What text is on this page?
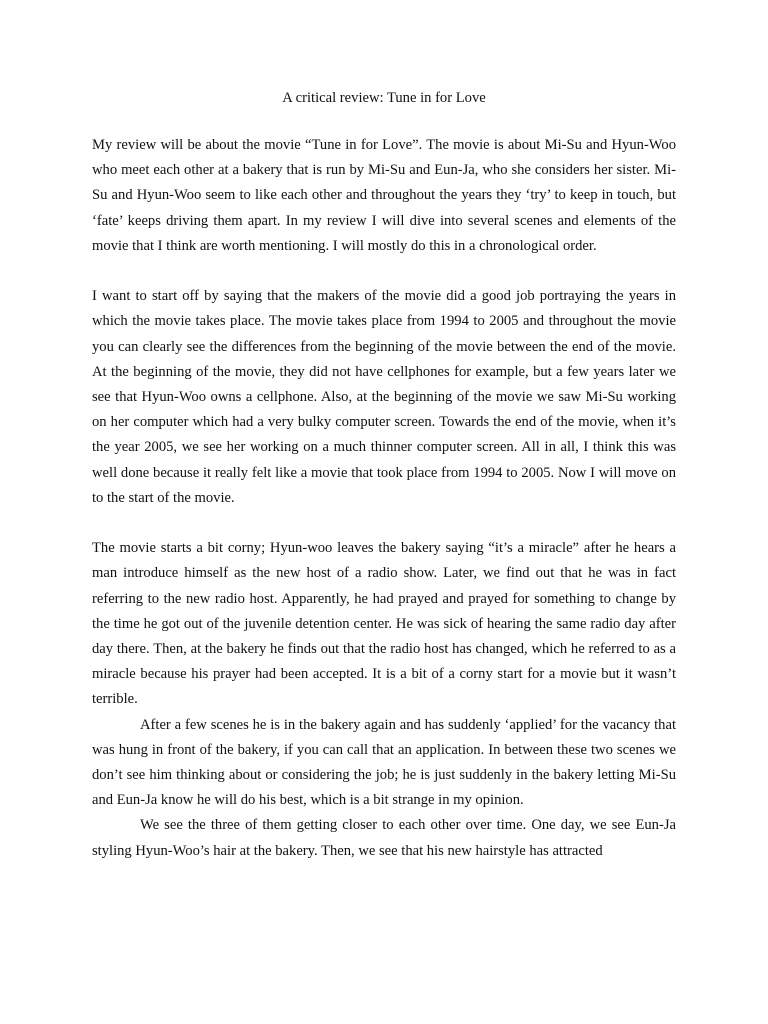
A critical review: Tune in for Love

My review will be about the movie “Tune in for Love”. The movie is about Mi-Su and Hyun-Woo who meet each other at a bakery that is run by Mi-Su and Eun-Ja, who she considers her sister. Mi-Su and Hyun-Woo seem to like each other and throughout the years they ‘try’ to keep in touch, but ‘fate’ keeps driving them apart. In my review I will dive into several scenes and elements of the movie that I think are worth mentioning. I will mostly do this in a chronological order.

I want to start off by saying that the makers of the movie did a good job portraying the years in which the movie takes place. The movie takes place from 1994 to 2005 and throughout the movie you can clearly see the differences from the beginning of the movie between the end of the movie. At the beginning of the movie, they did not have cellphones for example, but a few years later we see that Hyun-Woo owns a cellphone. Also, at the beginning of the movie we saw Mi-Su working on her computer which had a very bulky computer screen. Towards the end of the movie, when it’s the year 2005, we see her working on a much thinner computer screen. All in all, I think this was well done because it really felt like a movie that took place from 1994 to 2005. Now I will move on to the start of the movie.

The movie starts a bit corny; Hyun-woo leaves the bakery saying “it’s a miracle” after he hears a man introduce himself as the new host of a radio show. Later, we find out that he was in fact referring to the new radio host. Apparently, he had prayed and prayed for something to change by the time he got out of the juvenile detention center. He was sick of hearing the same radio day after day there. Then, at the bakery he finds out that the radio host has changed, which he referred to as a miracle because his prayer had been accepted. It is a bit of a corny start for a movie but it wasn’t terrible.

After a few scenes he is in the bakery again and has suddenly ‘applied’ for the vacancy that was hung in front of the bakery, if you can call that an application. In between these two scenes we don’t see him thinking about or considering the job; he is just suddenly in the bakery letting Mi-Su and Eun-Ja know he will do his best, which is a bit strange in my opinion.

We see the three of them getting closer to each other over time. One day, we see Eun-Ja styling Hyun-Woo’s hair at the bakery. Then, we see that his new hairstyle has attracted
